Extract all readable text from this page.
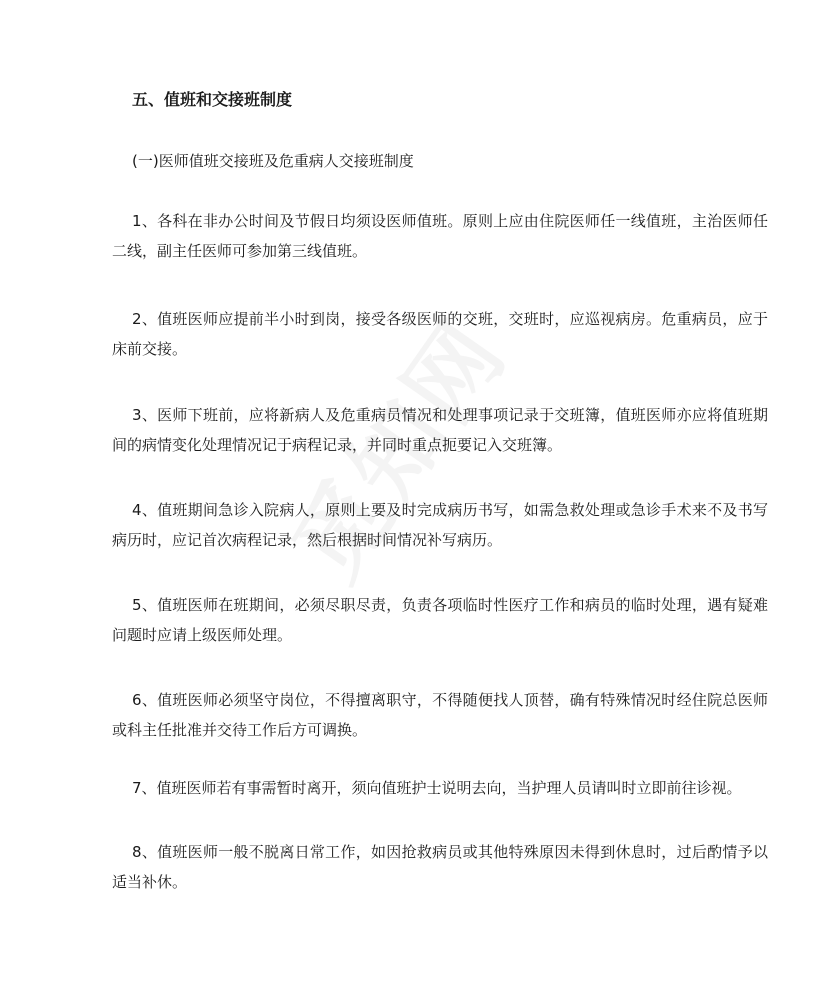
五、值班和交接班制度
(一)医师值班交接班及危重病人交接班制度

1、各科在非办公时间及节假日均须设医师值班。原则上应由住院医师任一线值班，主治医师任二线，副主任医师可参加第三线值班。

2、值班医师应提前半小时到岗，接受各级医师的交班，交班时，应巡视病房。危重病员，应于床前交接。

3、医师下班前，应将新病人及危重病员情况和处理事项记录于交班簿，值班医师亦应将值班期间的病情变化处理情况记于病程记录，并同时重点扼要记入交班簿。

4、值班期间急诊入院病人，原则上要及时完成病历书写，如需急救处理或急诊手术来不及书写病历时，应记首次病程记录，然后根据时间情况补写病历。

5、值班医师在班期间，必须尽职尽责，负责各项临时性医疗工作和病员的临时处理，遇有疑难问题时应请上级医师处理。

6、值班医师必须坚守岗位，不得擅离职守，不得随便找人顶替，确有特殊情况时经住院总医师或科主任批准并交待工作后方可调换。

7、值班医师若有事需暂时离开，须向值班护士说明去向，当护理人员请叫时立即前往诊视。

8、值班医师一般不脱离日常工作，如因抢救病员或其他特殊原因未得到休息时，过后酌情予以适当补休。
